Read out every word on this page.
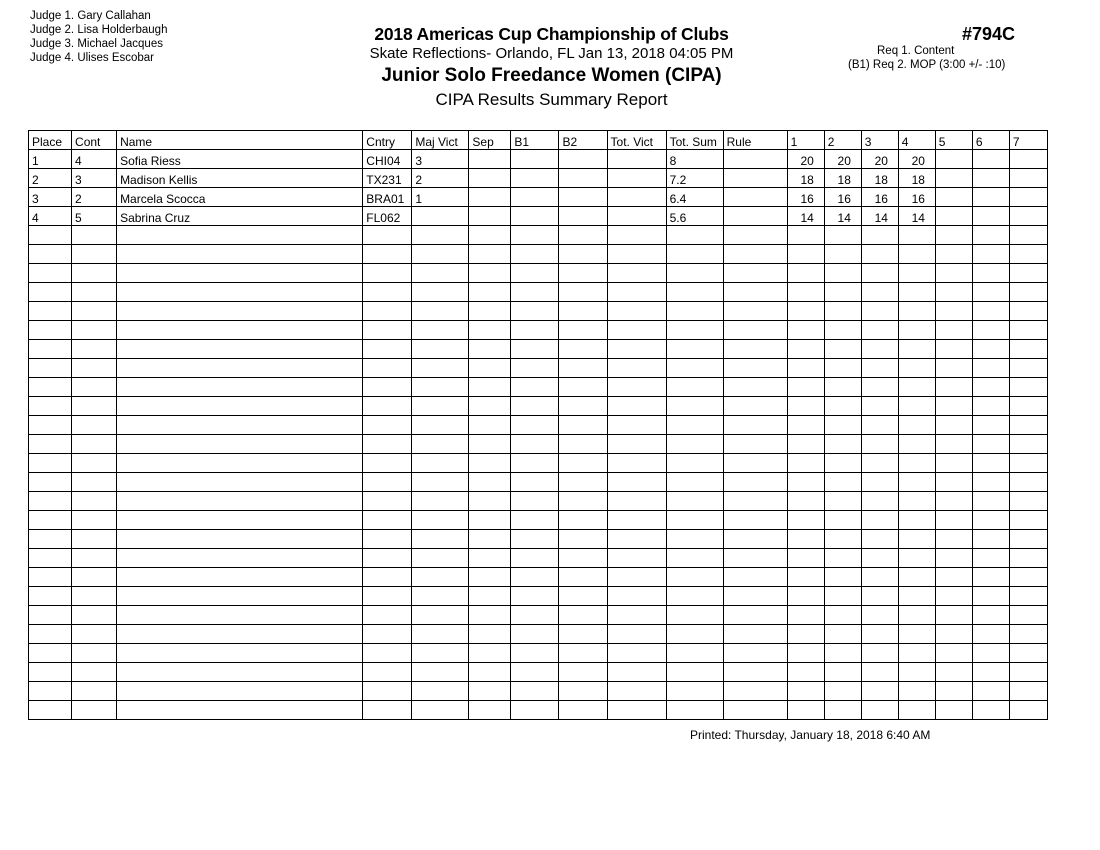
Judge 1. Gary Callahan
Judge 2. Lisa Holderbaugh
Judge 3. Michael Jacques
Judge 4. Ulises Escobar
2018 Americas Cup Championship of Clubs
Skate Reflections- Orlando, FL Jan 13, 2018 04:05 PM
Junior Solo Freedance Women (CIPA)
CIPA Results Summary Report
#794C
Req 1. Content
(B1) Req 2. MOP (3:00 +/- :10)
Place	Cont	Name	Cntry	Maj Vict	Sep	B1	B2	Tot. Vict	Tot. Sum	Rule	1	2	3	4	5	6	7
1	4	Sofia Riess	CHI04	3					8		20	20	20	20			
2	3	Madison Kellis	TX231	2					7.2		18	18	18	18			
3	2	Marcela Scocca	BRA01	1					6.4		16	16	16	16			
4	5	Sabrina Cruz	FL062						5.6		14	14	14	14			

Printed: Thursday, January 18, 2018 6:40 AM
